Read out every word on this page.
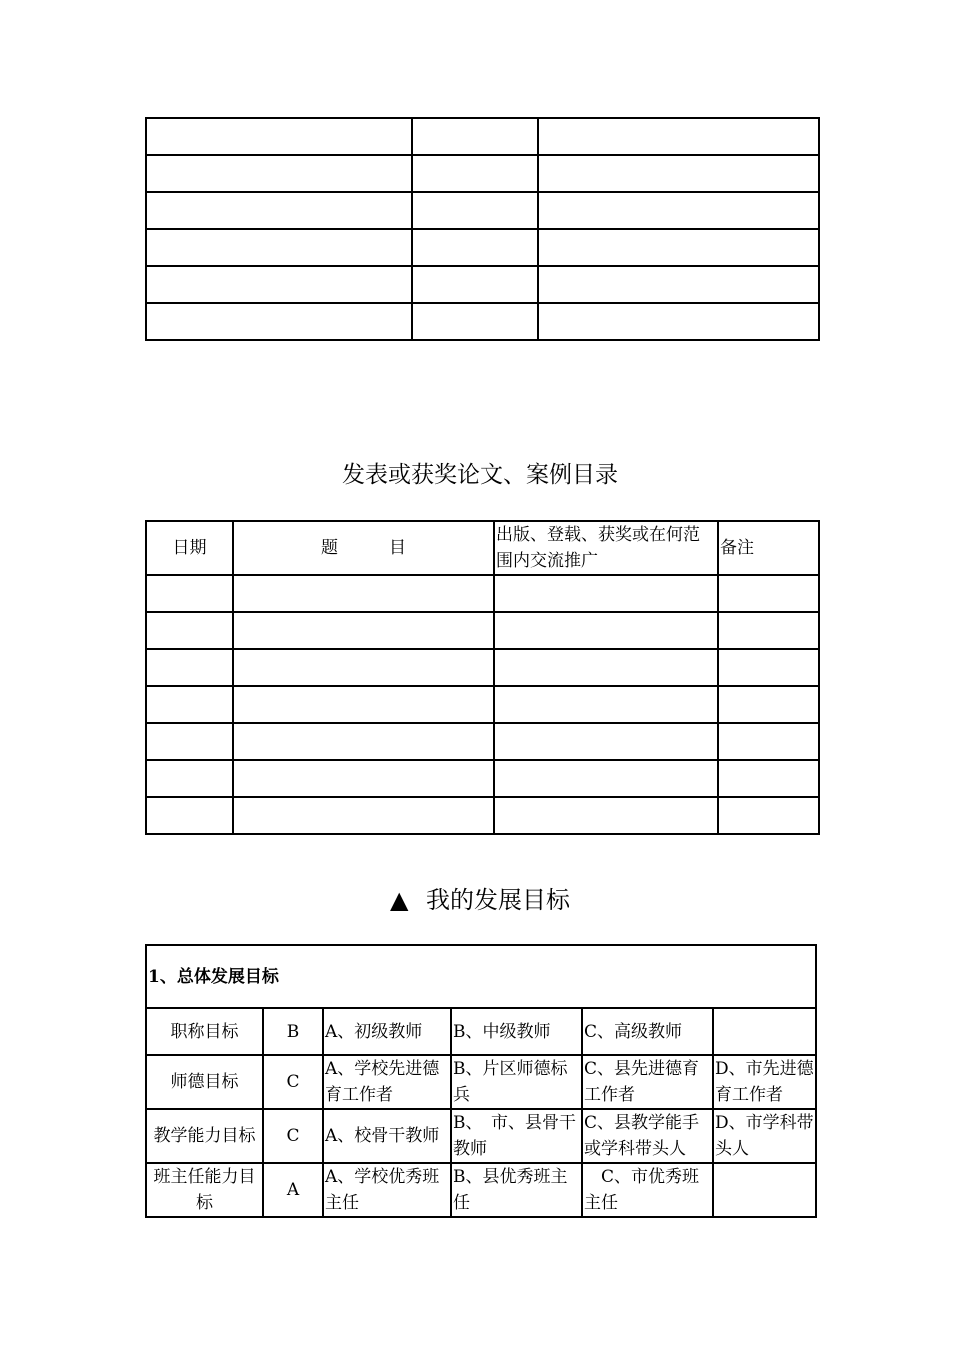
发表或获奖论文、案例目录
日期	题　　　目	出版、登载、获奖或在何范围内交流推广	备注

▲ 我的发展目标
1、总体发展目标					
职称目标	B	A、初级教师	B、中级教师	C、高级教师	
师德目标	C	A、学校先进德育工作者	B、片区师德标兵	C、县先进德育工作者	D、市先进德育工作者
教学能力目标	C	A、校骨干教师	B、　市、县骨干教师	C、县教学能手或学科带头人	D、市学科带头人
班主任能力目标	A	A、学校优秀班主任	B、县优秀班主任	　C、市优秀班主任	
